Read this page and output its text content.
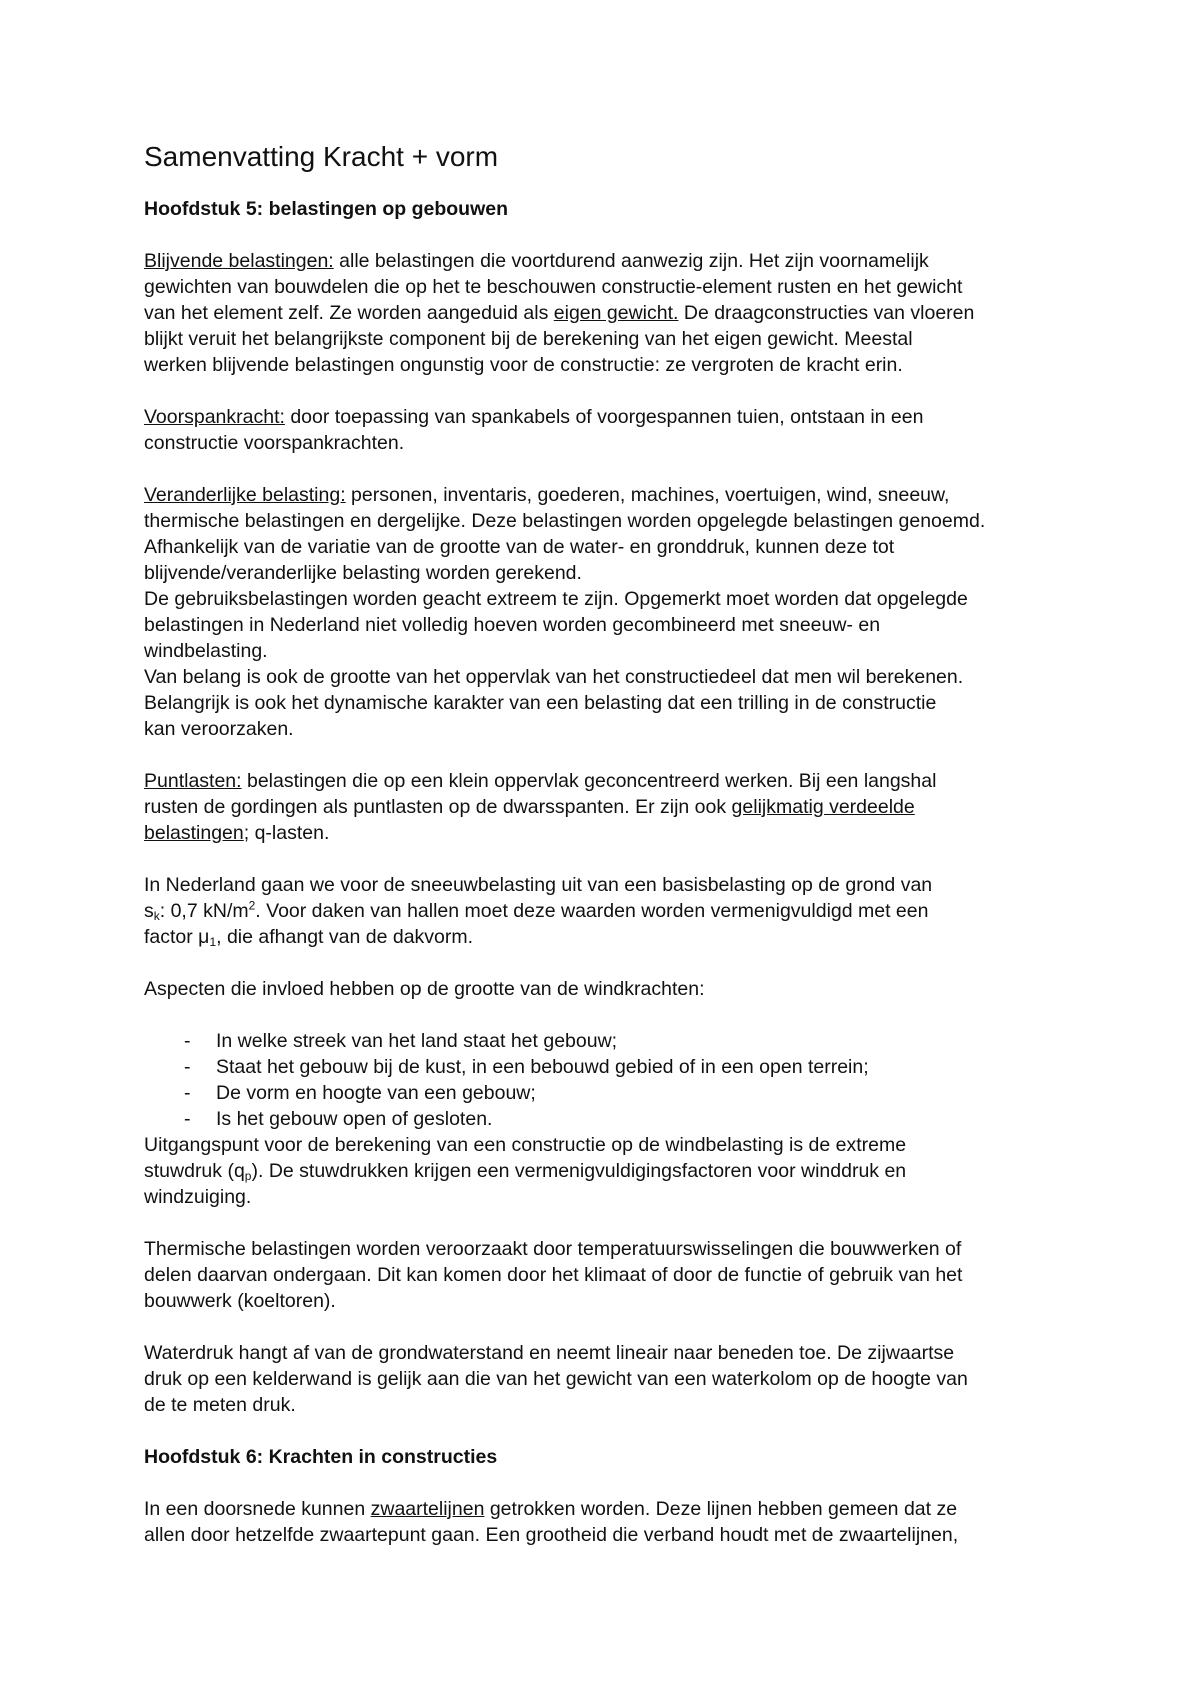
Samenvatting Kracht + vorm
Hoofdstuk 5: belastingen op gebouwen

Blijvende belastingen: alle belastingen die voortdurend aanwezig zijn. Het zijn voornamelijk
gewichten van bouwdelen die op het te beschouwen constructie-element rusten en het gewicht
van het element zelf. Ze worden aangeduid als eigen gewicht. De draagconstructies van vloeren
blijkt veruit het belangrijkste component bij de berekening van het eigen gewicht. Meestal
werken blijvende belastingen ongunstig voor de constructie: ze vergroten de kracht erin.

Voorspankracht: door toepassing van spankabels of voorgespannen tuien, ontstaan in een
constructie voorspankrachten.

Veranderlijke belasting: personen, inventaris, goederen, machines, voertuigen, wind, sneeuw,
thermische belastingen en dergelijke. Deze belastingen worden opgelegde belastingen genoemd.
Afhankelijk van de variatie van de grootte van de water- en gronddruk, kunnen deze tot
blijvende/veranderlijke belasting worden gerekend.
De gebruiksbelastingen worden geacht extreem te zijn. Opgemerkt moet worden dat opgelegde
belastingen in Nederland niet volledig hoeven worden gecombineerd met sneeuw- en
windbelasting.
Van belang is ook de grootte van het oppervlak van het constructiedeel dat men wil berekenen.
Belangrijk is ook het dynamische karakter van een belasting dat een trilling in de constructie
kan veroorzaken.

Puntlasten: belastingen die op een klein oppervlak geconcentreerd werken. Bij een langshal
rusten de gordingen als puntlasten op de dwarsspanten. Er zijn ook gelijkmatig verdeelde
belastingen; q-lasten.

In Nederland gaan we voor de sneeuwbelasting uit van een basisbelasting op de grond van
$s_k$: 0,7 $kN/m^2$. Voor daken van hallen moet deze waarden worden vermenigvuldigd met een
factor $\mu_1$, die afhangt van de dakvorm.

Aspecten die invloed hebben op de grootte van de windkrachten:

- In welke streek van het land staat het gebouw;
- Staat het gebouw bij de kust, in een bebouwd gebied of in een open terrein;
- De vorm en hoogte van een gebouw;
- Is het gebouw open of gesloten.
Uitgangspunt voor de berekening van een constructie op de windbelasting is de extreme
stuwdruk $(q_p)$. De stuwdrukken krijgen een vermenigvuldigingsfactoren voor winddruk en
windzuiging.

Thermische belastingen worden veroorzaakt door temperatuurswisselingen die bouwwerken of
delen daarvan ondergaan. Dit kan komen door het klimaat of door de functie of gebruik van het
bouwwerk (koeltoren).

Waterdruk hangt af van de grondwaterstand en neemt lineair naar beneden toe. De zijwaartse
druk op een kelderwand is gelijk aan die van het gewicht van een waterkolom op de hoogte van
de te meten druk.

Hoofdstuk 6: Krachten in constructies

In een doorsnede kunnen zwaartelijnen getrokken worden. Deze lijnen hebben gemeen dat ze
allen door hetzelfde zwaartepunt gaan. Een grootheid die verband houdt met de zwaartelijnen,
